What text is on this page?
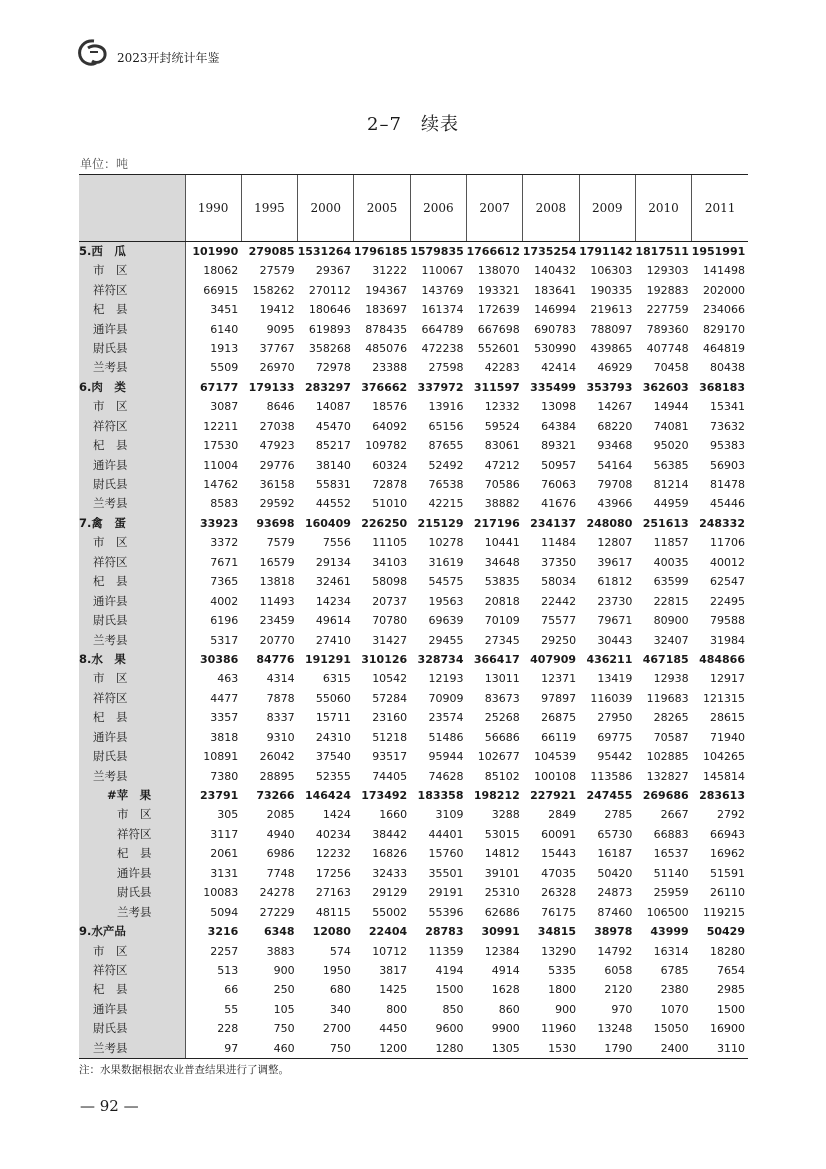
2023开封统计年鉴
2–7　续表
单位：吨
	1990	1995	2000	2005	2006	2007	2008	2009	2010	2011
5.西　瓜	101990	279085	1531264	1796185	1579835	1766612	1735254	1791142	1817511	1951991
市　区	18062	27579	29367	31222	110067	138070	140432	106303	129303	141498
祥符区	66915	158262	270112	194367	143769	193321	183641	190335	192883	202000
杞　县	3451	19412	180646	183697	161374	172639	146994	219613	227759	234066
通许县	6140	9095	619893	878435	664789	667698	690783	788097	789360	829170
尉氏县	1913	37767	358268	485076	472238	552601	530990	439865	407748	464819
兰考县	5509	26970	72978	23388	27598	42283	42414	46929	70458	80438
6.肉　类	67177	179133	283297	376662	337972	311597	335499	353793	362603	368183
市　区	3087	8646	14087	18576	13916	12332	13098	14267	14944	15341
祥符区	12211	27038	45470	64092	65156	59524	64384	68220	74081	73632
杞　县	17530	47923	85217	109782	87655	83061	89321	93468	95020	95383
通许县	11004	29776	38140	60324	52492	47212	50957	54164	56385	56903
尉氏县	14762	36158	55831	72878	76538	70586	76063	79708	81214	81478
兰考县	8583	29592	44552	51010	42215	38882	41676	43966	44959	45446
7.禽　蛋	33923	93698	160409	226250	215129	217196	234137	248080	251613	248332
市　区	3372	7579	7556	11105	10278	10441	11484	12807	11857	11706
祥符区	7671	16579	29134	34103	31619	34648	37350	39617	40035	40012
杞　县	7365	13818	32461	58098	54575	53835	58034	61812	63599	62547
通许县	4002	11493	14234	20737	19563	20818	22442	23730	22815	22495
尉氏县	6196	23459	49614	70780	69639	70109	75577	79671	80900	79588
兰考县	5317	20770	27410	31427	29455	27345	29250	30443	32407	31984
8.水　果	30386	84776	191291	310126	328734	366417	407909	436211	467185	484866
市　区	463	4314	6315	10542	12193	13011	12371	13419	12938	12917
祥符区	4477	7878	55060	57284	70909	83673	97897	116039	119683	121315
杞　县	3357	8337	15711	23160	23574	25268	26875	27950	28265	28615
通许县	3818	9310	24310	51218	51486	56686	66119	69775	70587	71940
尉氏县	10891	26042	37540	93517	95944	102677	104539	95442	102885	104265
兰考县	7380	28895	52355	74405	74628	85102	100108	113586	132827	145814
#苹　果	23791	73266	146424	173492	183358	198212	227921	247455	269686	283613
市　区	305	2085	1424	1660	3109	3288	2849	2785	2667	2792
祥符区	3117	4940	40234	38442	44401	53015	60091	65730	66883	66943
杞　县	2061	6986	12232	16826	15760	14812	15443	16187	16537	16962
通许县	3131	7748	17256	32433	35501	39101	47035	50420	51140	51591
尉氏县	10083	24278	27163	29129	29191	25310	26328	24873	25959	26110
兰考县	5094	27229	48115	55002	55396	62686	76175	87460	106500	119215
9.水产品	3216	6348	12080	22404	28783	30991	34815	38978	43999	50429
市　区	2257	3883	574	10712	11359	12384	13290	14792	16314	18280
祥符区	513	900	1950	3817	4194	4914	5335	6058	6785	7654
杞　县	66	250	680	1425	1500	1628	1800	2120	2380	2985
通许县	55	105	340	800	850	860	900	970	1070	1500
尉氏县	228	750	2700	4450	9600	9900	11960	13248	15050	16900
兰考县	97	460	750	1200	1280	1305	1530	1790	2400	3110
注：水果数据根据农业普查结果进行了调整。
— 92 —
